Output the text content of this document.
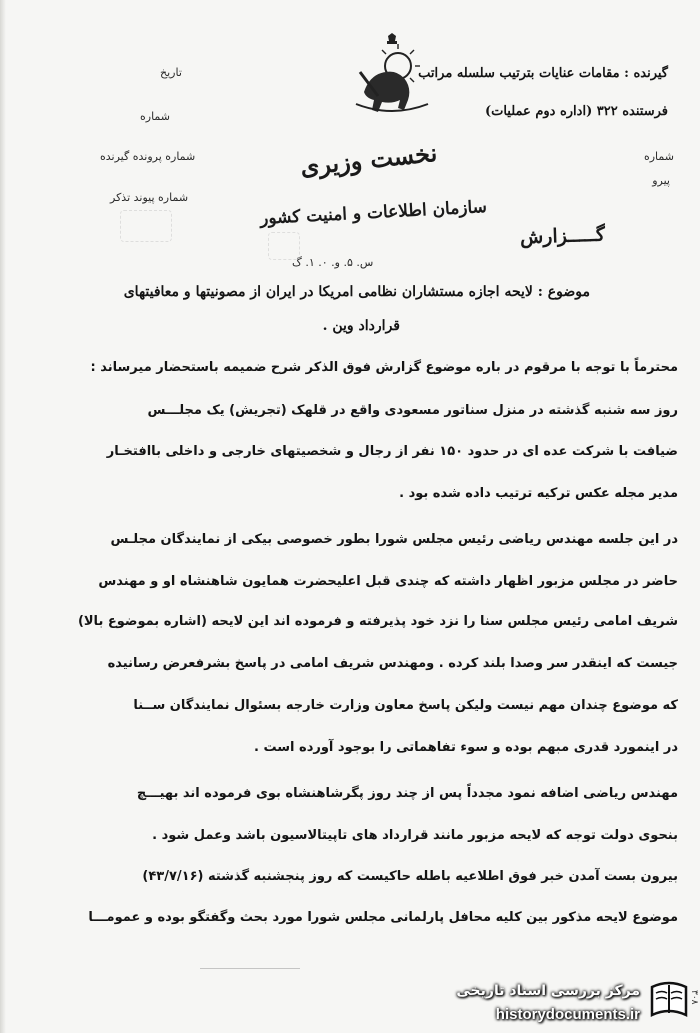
تاریخ
شماره
شماره پرونده گیرنده
شماره پیوند تذکر
گیرنده : مقامات عنایات بترتیب سلسله مراتب
فرستنده ۳۲۲ (اداره دوم عملیات)
شماره
پیرو
نخست وزیری
سازمان اطلاعات و امنیت کشور
گـــــزارش
س. ۵. و. ۰. ۱. گ
موضوع : لایحه اجازه مستشاران نظامی امریکا در ایران از مصونیتها و معافیتهای
قرارداد وین .
محترماً با توجه با مرقوم در باره موضوع گزارش فوق الذکر شرح ضمیمه باستحضار میرساند :
روز سه شنبه گذشته در منزل سناتور مسعودی واقع در قلهک (تجریش) یک مجلـــس
ضیافت با شرکت عده ای در حدود ۱۵۰ نفر از رجال و شخصیتهای خارجی و داخلی باافتخـار
مدیر مجله عکس ترکیه ترتیب داده شده بود .
در این جلسه مهندس ریاضی رئیس مجلس شورا بطور خصوصی بیکی از نمایندگان مجلـس
حاضر در مجلس مزبور اظهار داشته که چندی قبل اعلیحضرت همایون شاهنشاه او و مهندس
شریف امامی رئیس مجلس سنا را نزد خود پذیرفته و فرموده اند این لایحه (اشاره بموضوع بالا)
جیست که اینقدر سر وصدا بلند کرده . ومهندس شریف امامی در پاسخ بشرفعرض رسانیده
که موضوع چندان مهم نیست ولیکن پاسخ معاون وزارت خارجه بسئوال نمایندگان ســنا
در اینمورد قدری مبهم بوده و سوء تفاهماتی را بوجود آورده است .
مهندس ریاضی اضافه نمود مجدداً پس از چند روز پگرشاهنشاه بوی فرموده اند بهیـــچ
بنحوی دولت توجه که لایحه مزبور مانند قرارداد های تاپیتالاسیون باشد وعمل شود .
بیرون بست آمدن خبر فوق اطلاعیه باطله حاکیست که روز پنجشنبه گذشته (۴۳/۷/۱۶)
موضوع لایحه مذکور بین کلیه محافل پارلمانی مجلس شورا مورد بحث وگفتگو بوده و عمومـــا
مرکز بررسی اسناد تاریخی
historydocuments.ir
۳۰۸
